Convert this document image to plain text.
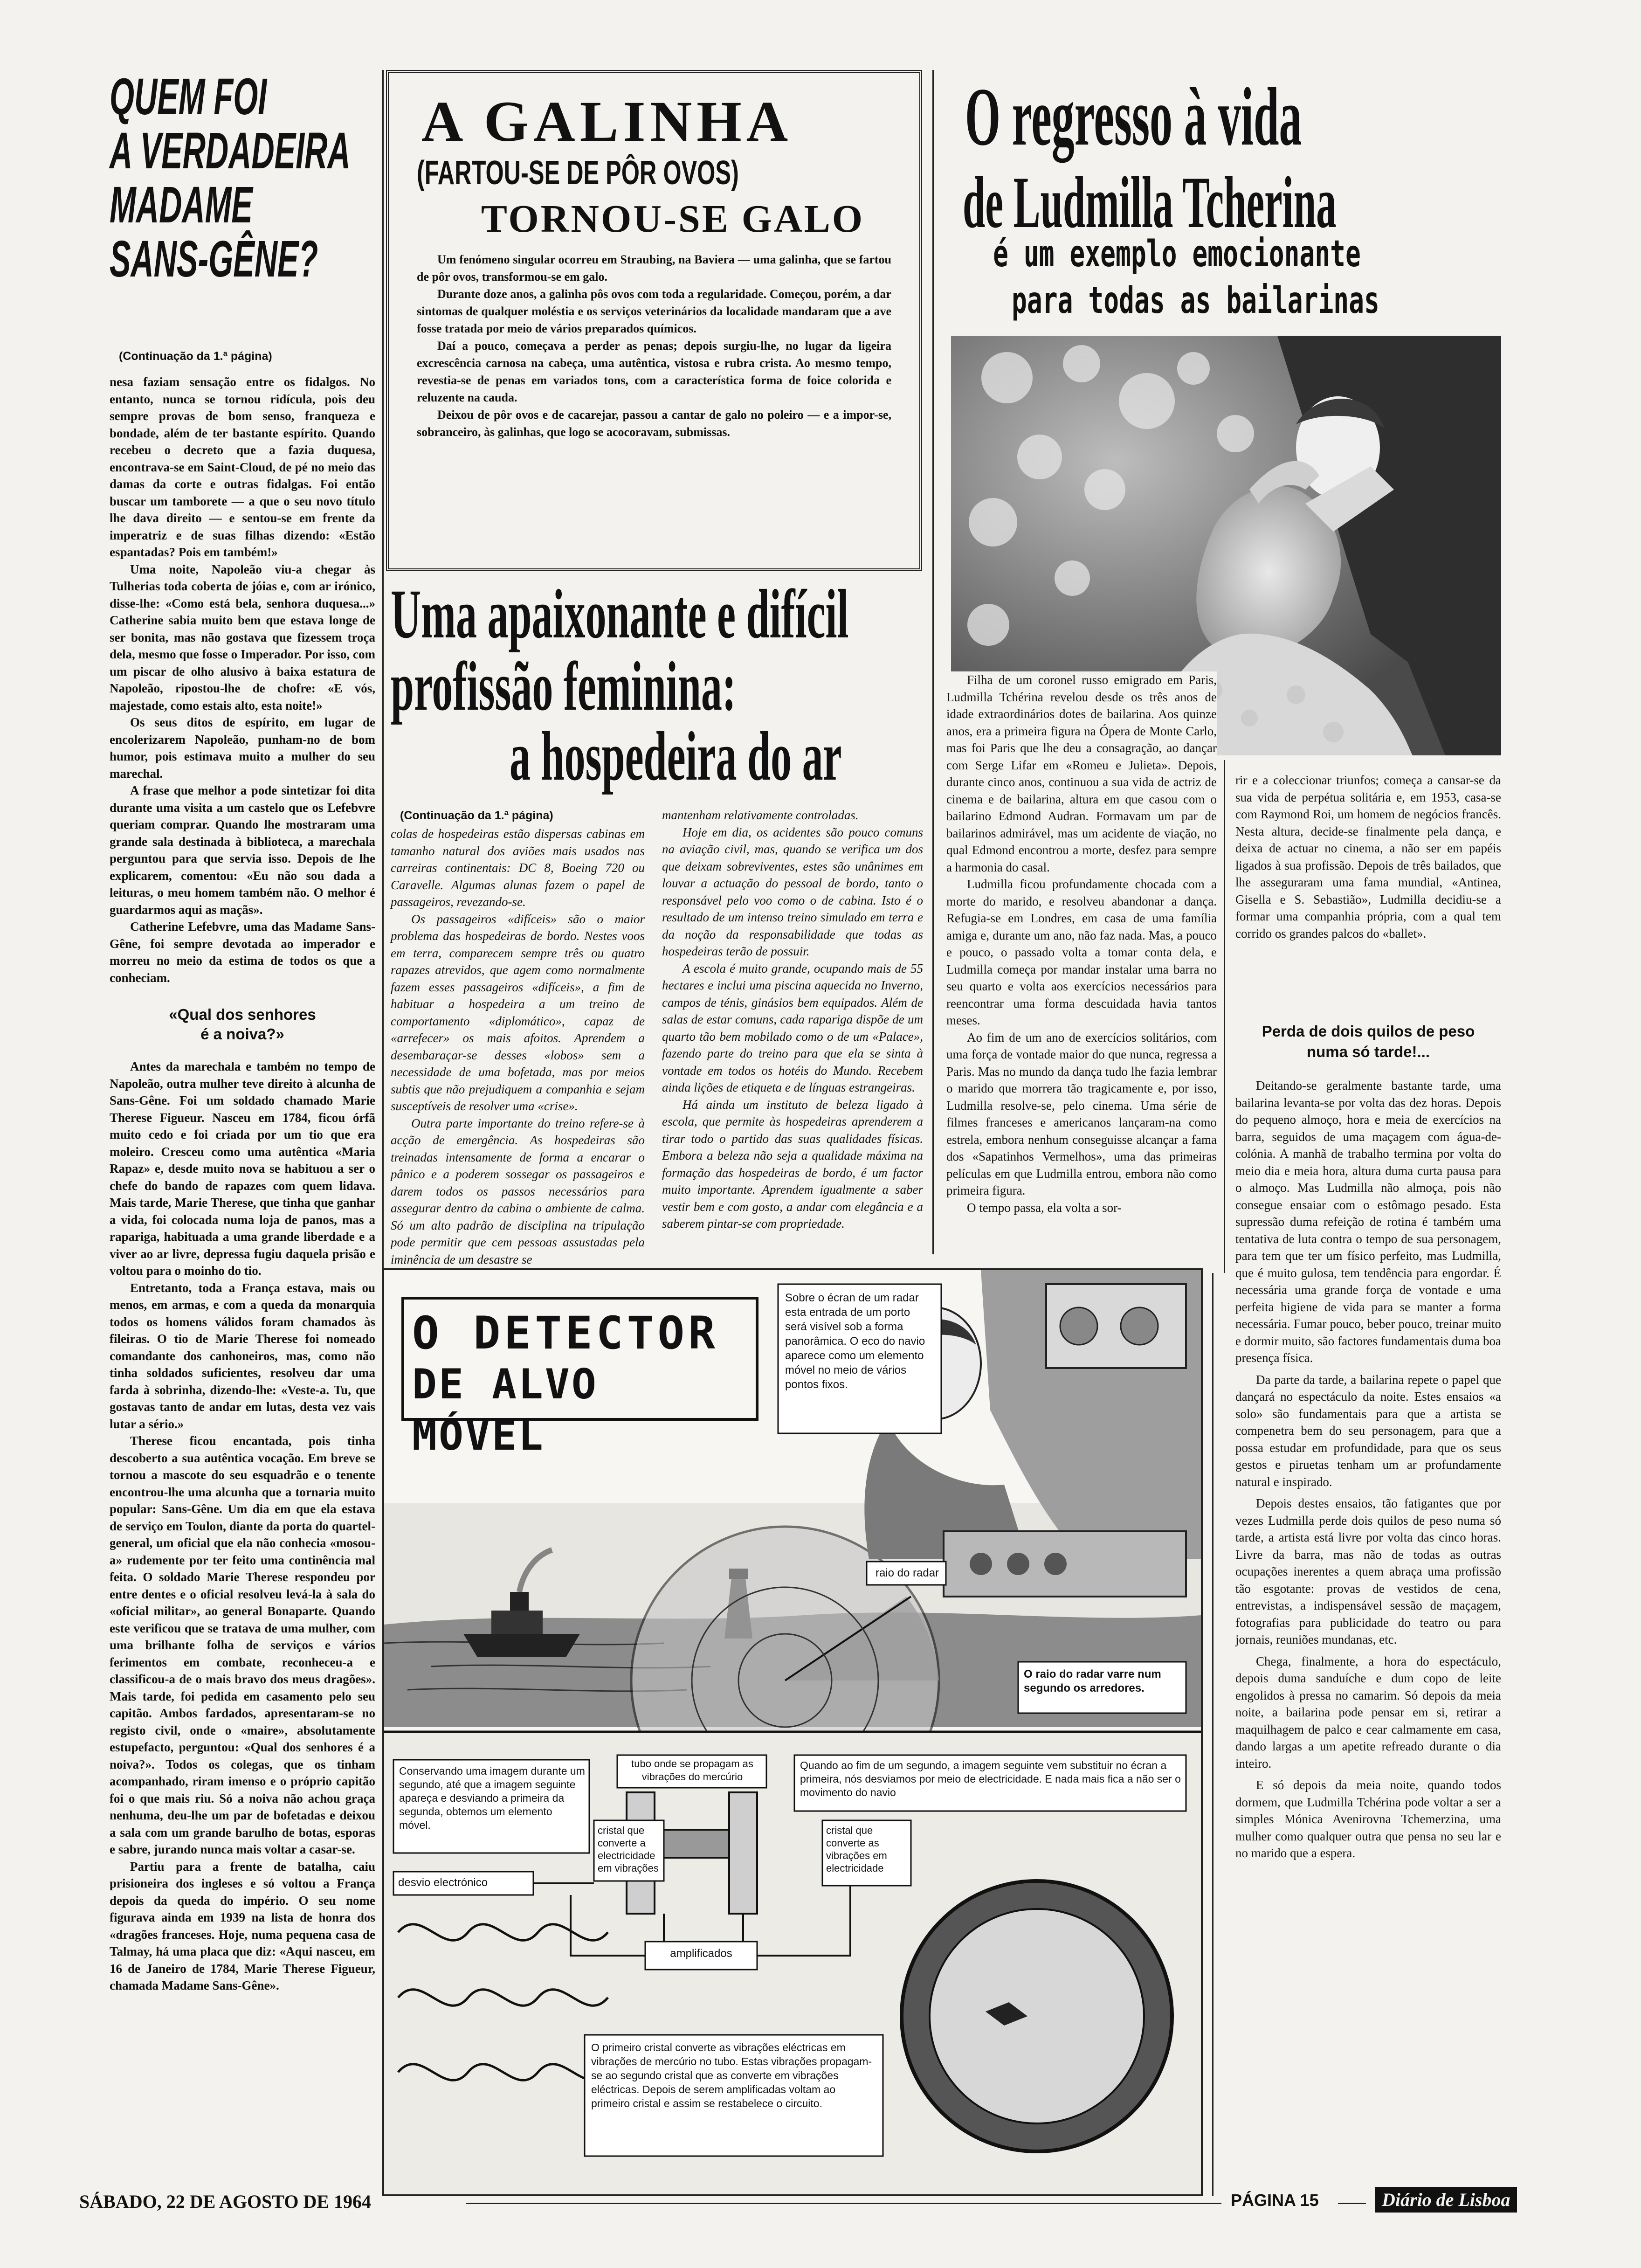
QUEM FOI
A VERDADEIRA
MADAME
SANS-GÊNE?
(Continuação da 1.ª página)

nesa faziam sensação entre os fidalgos. No entanto, nunca se tornou ridícula, pois deu sempre provas de bom senso, franqueza e bondade, além de ter bastante espírito. Quando recebeu o decreto que a fazia duquesa, encontrava-se em Saint-Cloud, de pé no meio das damas da corte e outras fidalgas. Foi então buscar um tamborete — a que o seu novo título lhe dava direito — e sentou-se em frente da imperatriz e de suas filhas dizendo: «Estão espantadas? Pois em também!»

Uma noite, Napoleão viu-a chegar às Tulherias toda coberta de jóias e, com ar irónico, disse-lhe: «Como está bela, senhora duquesa...» Catherine sabia muito bem que estava longe de ser bonita, mas não gostava que fizessem troça dela, mesmo que fosse o Imperador. Por isso, com um piscar de olho alusivo à baixa estatura de Napoleão, ripostou-lhe de chofre: «E vós, majestade, como estais alto, esta noite!»

Os seus ditos de espírito, em lugar de encolerizarem Napoleão, punham-no de bom humor, pois estimava muito a mulher do seu marechal.

A frase que melhor a pode sintetizar foi dita durante uma visita a um castelo que os Lefebvre queriam comprar. Quando lhe mostraram uma grande sala destinada à biblioteca, a marechala perguntou para que servia isso. Depois de lhe explicarem, comentou: «Eu não sou dada a leituras, o meu homem também não. O melhor é guardarmos aqui as maçãs».

Catherine Lefebvre, uma das Madame Sans-Gêne, foi sempre devotada ao imperador e morreu no meio da estima de todos os que a conheciam.

«Qual dos senhores
é a noiva?»

Antes da marechala e também no tempo de Napoleão, outra mulher teve direito à alcunha de Sans-Gêne. Foi um soldado chamado Marie Therese Figueur. Nasceu em 1784, ficou órfã muito cedo e foi criada por um tio que era moleiro. Cresceu como uma autêntica «Maria Rapaz» e, desde muito nova se habituou a ser o chefe do bando de rapazes com quem lidava. Mais tarde, Marie Therese, que tinha que ganhar a vida, foi colocada numa loja de panos, mas a rapariga, habituada a uma grande liberdade e a viver ao ar livre, depressa fugiu daquela prisão e voltou para o moinho do tio.

Entretanto, toda a França estava, mais ou menos, em armas, e com a queda da monarquia todos os homens válidos foram chamados às fileiras. O tio de Marie Therese foi nomeado comandante dos canhoneiros, mas, como não tinha soldados suficientes, resolveu dar uma farda à sobrinha, dizendo-lhe: «Veste-a. Tu, que gostavas tanto de andar em lutas, desta vez vais lutar a sério.»

Therese ficou encantada, pois tinha descoberto a sua autêntica vocação. Em breve se tornou a mascote do seu esquadrão e o tenente encontrou-lhe uma alcunha que a tornaria muito popular: Sans-Gêne. Um dia em que ela estava de serviço em Toulon, diante da porta do quartel-general, um oficial que ela não conhecia «mosou-a» rudemente por ter feito uma continência mal feita. O soldado Marie Therese respondeu por entre dentes e o oficial resolveu levá-la à sala do «oficial militar», ao general Bonaparte. Quando este verificou que se tratava de uma mulher, com uma brilhante folha de serviços e vários ferimentos em combate, reconheceu-a e classificou-a de o mais bravo dos meus dragões». Mais tarde, foi pedida em casamento pelo seu capitão. Ambos fardados, apresentaram-se no registo civil, onde o «maire», absolutamente estupefacto, perguntou: «Qual dos senhores é a noiva?». Todos os colegas, que os tinham acompanhado, riram imenso e o próprio capitão foi o que mais riu. Só a noiva não achou graça nenhuma, deu-lhe um par de bofetadas e deixou a sala com um grande barulho de botas, esporas e sabre, jurando nunca mais voltar a casar-se.

Partiu para a frente de batalha, caiu prisioneira dos ingleses e só voltou a França depois da queda do império. O seu nome figurava ainda em 1939 na lista de honra dos «dragões franceses. Hoje, numa pequena casa de Talmay, há uma placa que diz: «Aqui nasceu, em 16 de Janeiro de 1784, Marie Therese Figueur, chamada Madame Sans-Gêne».

A GALINHA
(FARTOU-SE DE PÔR OVOS)
TORNOU-SE GALO

Um fenómeno singular ocorreu em Straubing, na Baviera — uma galinha, que se fartou de pôr ovos, transformou-se em galo.

Durante doze anos, a galinha pôs ovos com toda a regularidade. Começou, porém, a dar sintomas de qualquer moléstia e os serviços veterinários da localidade mandaram que a ave fosse tratada por meio de vários preparados químicos.

Daí a pouco, começava a perder as penas; depois surgiu-lhe, no lugar da ligeira excrescência carnosa na cabeça, uma autêntica, vistosa e rubra crista. Ao mesmo tempo, revestia-se de penas em variados tons, com a característica forma de foice colorida e reluzente na cauda.

Deixou de pôr ovos e de cacarejar, passou a cantar de galo no poleiro — e a impor-se, sobranceiro, às galinhas, que logo se acocoravam, submissas.

Uma apaixonante e difícil
profissão feminina:
a hospedeira do ar
(Continuação da 1.ª página)

colas de hospedeiras estão dispersas cabinas em tamanho natural dos aviões mais usados nas carreiras continentais: DC 8, Boeing 720 ou Caravelle. Algumas alunas fazem o papel de passageiros, revezando-se.

Os passageiros «difíceis» são o maior problema das hospedeiras de bordo. Nestes voos em terra, comparecem sempre três ou quatro rapazes atrevidos, que agem como normalmente fazem esses passageiros «difíceis», a fim de habituar a hospedeira a um treino de comportamento «diplomático», capaz de «arrefecer» os mais afoitos. Aprendem a desembaraçar-se desses «lobos» sem a necessidade de uma bofetada, mas por meios subtis que não prejudiquem a companhia e sejam susceptíveis de resolver uma «crise».

Outra parte importante do treino refere-se à acção de emergência. As hospedeiras são treinadas intensamente de forma a encarar o pânico e a poderem sossegar os passageiros e darem todos os passos necessários para assegurar dentro da cabina o ambiente de calma. Só um alto padrão de disciplina na tripulação pode permitir que cem pessoas assustadas pela iminência de um desastre se

mantenham relativamente controladas.

Hoje em dia, os acidentes são pouco comuns na aviação civil, mas, quando se verifica um dos que deixam sobreviventes, estes são unânimes em louvar a actuação do pessoal de bordo, tanto o responsável pelo voo como o de cabina. Isto é o resultado de um intenso treino simulado em terra e da noção da responsabilidade que todas as hospedeiras terão de possuir.

A escola é muito grande, ocupando mais de 55 hectares e inclui uma piscina aquecida no Inverno, campos de ténis, ginásios bem equipados. Além de salas de estar comuns, cada rapariga dispõe de um quarto tão bem mobilado como o de um «Palace», fazendo parte do treino para que ela se sinta à vontade em todos os hotéis do Mundo. Recebem ainda lições de etiqueta e de línguas estrangeiras.

Há ainda um instituto de beleza ligado à escola, que permite às hospedeiras aprenderem a tirar todo o partido das suas qualidades físicas. Embora a beleza não seja a qualidade máxima na formação das hospedeiras de bordo, é um factor muito importante. Aprendem igualmente a saber vestir bem e com gosto, a andar com elegância e a saberem pintar-se com propriedade.

O regresso à vida
de Ludmilla Tcherina
é um exemplo emocionante
para todas as bailarinas

Filha de um coronel russo emigrado em Paris, Ludmilla Tchérina revelou desde os três anos de idade extraordinários dotes de bailarina. Aos quinze anos, era a primeira figura na Ópera de Monte Carlo, mas foi Paris que lhe deu a consagração, ao dançar com Serge Lifar em «Romeu e Julieta». Depois, durante cinco anos, continuou a sua vida de actriz de cinema e de bailarina, altura em que casou com o bailarino Edmond Audran. Formavam um par de bailarinos admirável, mas um acidente de viação, no qual Edmond encontrou a morte, desfez para sempre a harmonia do casal.

Ludmilla ficou profundamente chocada com a morte do marido, e resolveu abandonar a dança. Refugia-se em Londres, em casa de uma família amiga e, durante um ano, não faz nada. Mas, a pouco e pouco, o passado volta a tomar conta dela, e Ludmilla começa por mandar instalar uma barra no seu quarto e volta aos exercícios necessários para reencontrar uma forma descuidada havia tantos meses.

Ao fim de um ano de exercícios solitários, com uma força de vontade maior do que nunca, regressa a Paris. Mas no mundo da dança tudo lhe fazia lembrar o marido que morrera tão tragicamente e, por isso, Ludmilla resolve-se, pelo cinema. Uma série de filmes franceses e americanos lançaram-na como estrela, embora nenhum conseguisse alcançar a fama dos «Sapatinhos Vermelhos», uma das primeiras películas em que Ludmilla entrou, embora não como primeira figura.

O tempo passa, ela volta a sor-

rir e a coleccionar triunfos; começa a cansar-se da sua vida de perpétua solitária e, em 1953, casa-se com Raymond Roi, um homem de negócios francês. Nesta altura, decide-se finalmente pela dança, e deixa de actuar no cinema, a não ser em papéis ligados à sua profissão. Depois de três bailados, que lhe asseguraram uma fama mundial, «Antinea, Gisella e S. Sebastião», Ludmilla decidiu-se a formar uma companhia própria, com a qual tem corrido os grandes palcos do «ballet».

Perda de dois quilos de peso
numa só tarde!...

Deitando-se geralmente bastante tarde, uma bailarina levanta-se por volta das dez horas. Depois do pequeno almoço, hora e meia de exercícios na barra, seguidos de uma maçagem com água-de-colónia. A manhã de trabalho termina por volta do meio dia e meia hora, altura duma curta pausa para o almoço. Mas Ludmilla não almoça, pois não consegue ensaiar com o estômago pesado. Esta supressão duma refeição de rotina é também uma tentativa de luta contra o tempo de sua personagem, para tem que ter um físico perfeito, mas Ludmilla, que é muito gulosa, tem tendência para engordar. É necessária uma grande força de vontade e uma perfeita higiene de vida para se manter a forma necessária. Fumar pouco, beber pouco, treinar muito e dormir muito, são factores fundamentais duma boa presença física.

Da parte da tarde, a bailarina repete o papel que dançará no espectáculo da noite. Estes ensaios «a solo» são fundamentais para que a artista se compenetra bem do seu personagem, para que a possa estudar em profundidade, para que os seus gestos e piruetas tenham um ar profundamente natural e inspirado.

Depois destes ensaios, tão fatigantes que por vezes Ludmilla perde dois quilos de peso numa só tarde, a artista está livre por volta das cinco horas. Livre da barra, mas não de todas as outras ocupações inerentes a quem abraça uma profissão tão esgotante: provas de vestidos de cena, entrevistas, a indispensável sessão de maçagem, fotografias para publicidade do teatro ou para jornais, reuniões mundanas, etc.

Chega, finalmente, a hora do espectáculo, depois duma sanduíche e dum copo de leite engolidos à pressa no camarim. Só depois da meia noite, a bailarina pode pensar em si, retirar a maquilhagem de palco e cear calmamente em casa, dando largas a um apetite refreado durante o dia inteiro.

E só depois da meia noite, quando todos dormem, que Ludmilla Tchérina pode voltar a ser a simples Mónica Avenirovna Tchemerzina, uma mulher como qualquer outra que pensa no seu lar e no marido que a espera.

O DETECTOR
DE ALVO MÓVEL
Sobre o écran de um radar esta entrada de um porto será visível sob a forma panorâmica. O eco do navio aparece como um elemento móvel no meio de vários pontos fixos.
raio do radar
O raio do radar varre num segundo os arredores.
Conservando uma imagem durante um segundo, até que a imagem seguinte apareça e desviando a primeira da segunda, obtemos um elemento móvel.
tubo onde se propagam as vibrações do mercúrio
Quando ao fim de um segundo, a imagem seguinte vem substituir no écran a primeira, nós desviamos por meio de electricidade. E nada mais fica a não ser o movimento do navio
cristal que converte a electricidade em vibrações
cristal que converte as vibrações em electricidade
desvio electrónico
amplificados
O primeiro cristal converte as vibrações eléctricas em vibrações de mercúrio no tubo. Estas vibrações propagam-se ao segundo cristal que as converte em vibrações eléctricas. Depois de serem amplificadas voltam ao primeiro cristal e assim se restabelece o circuito.
SÁBADO, 22 DE AGOSTO DE 1964	PÁGINA 15	Diário de Lisboa
